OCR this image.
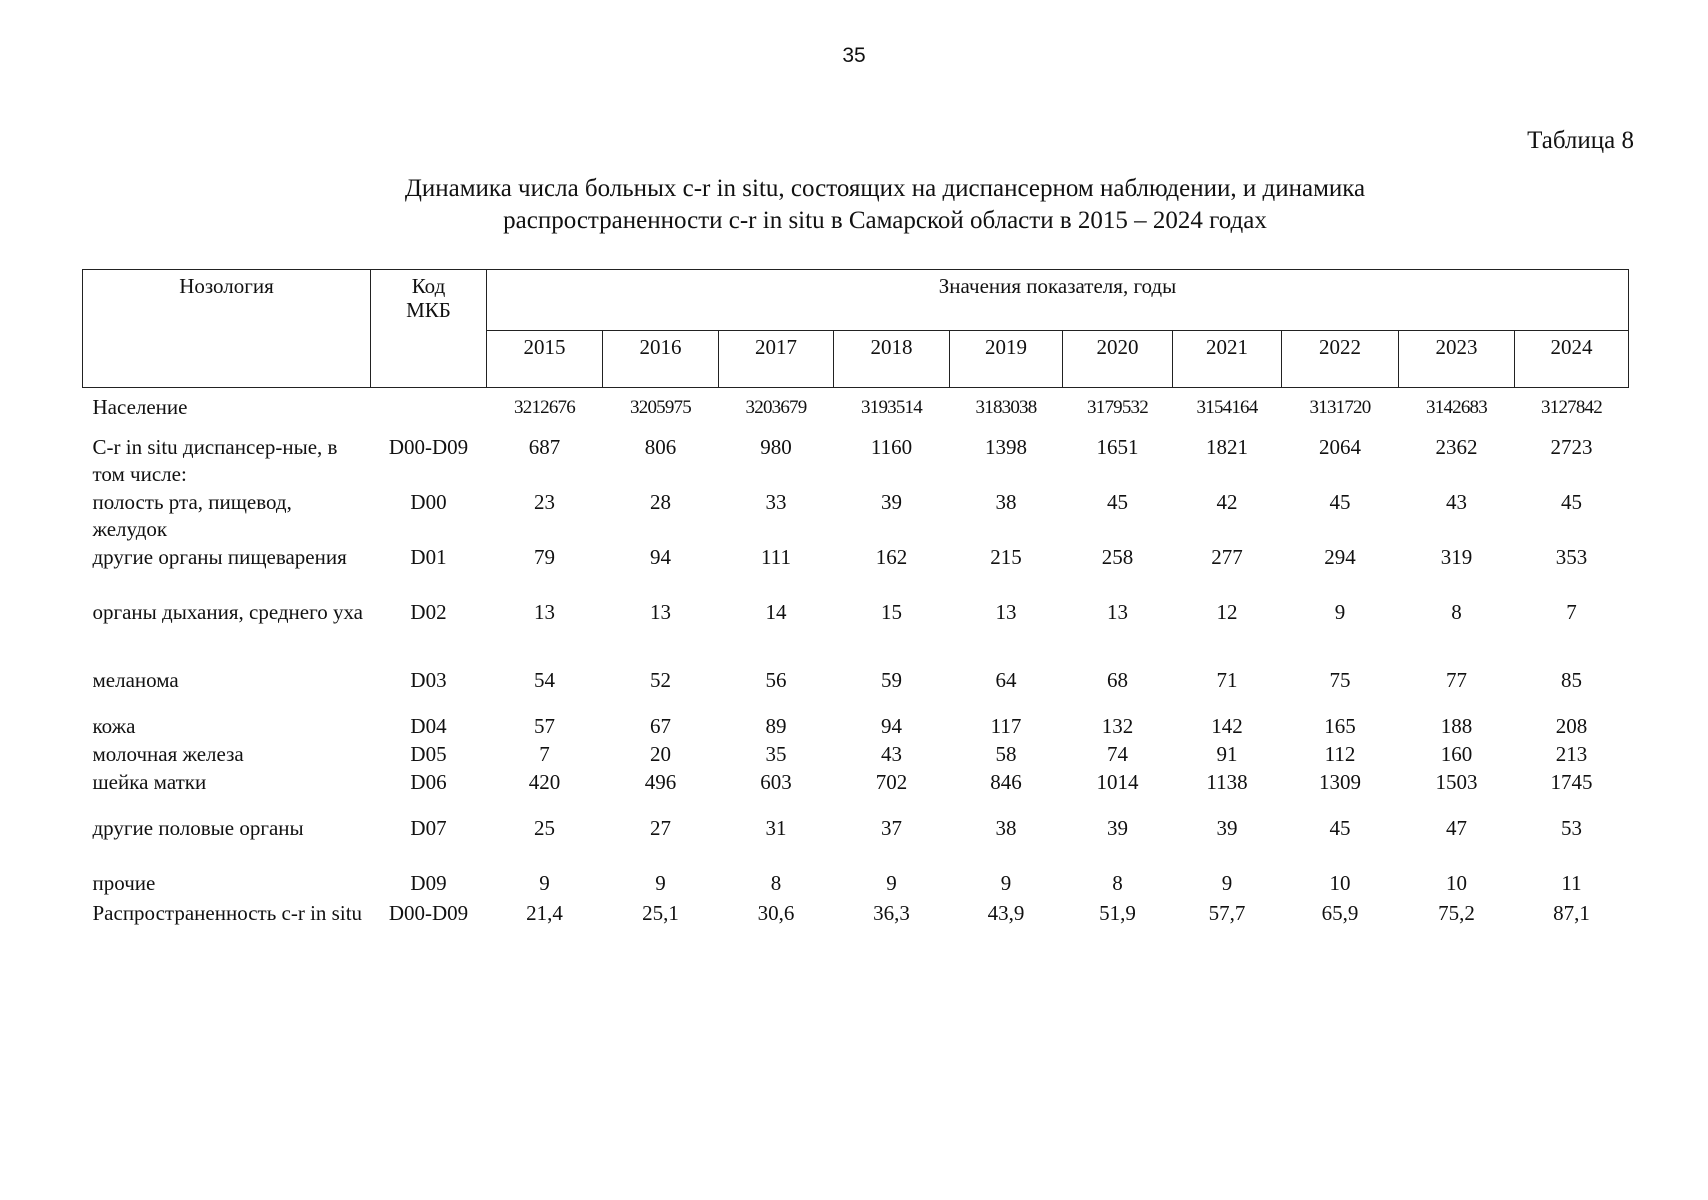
35
Таблица 8
Динамика числа больных c-r in situ, состоящих на диспансерном наблюдении, и динамика
распространенности c-r in situ в Самарской области в 2015 – 2024 годах
Нозология	Код МКБ	Значения показателя, годы									
		2015	2016	2017	2018	2019	2020	2021	2022	2023	2024
Население		3212676	3205975	3203679	3193514	3183038	3179532	3154164	3131720	3142683	3127842
C-r in situ диспансер-ные, в том числе:	D00-D09	687	806	980	1160	1398	1651	1821	2064	2362	2723
полость рта, пищевод, желудок	D00	23	28	33	39	38	45	42	45	43	45
другие органы пищеварения	D01	79	94	111	162	215	258	277	294	319	353
органы дыхания, среднего уха	D02	13	13	14	15	13	13	12	9	8	7
меланома	D03	54	52	56	59	64	68	71	75	77	85
кожа	D04	57	67	89	94	117	132	142	165	188	208
молочная железа	D05	7	20	35	43	58	74	91	112	160	213
шейка матки	D06	420	496	603	702	846	1014	1138	1309	1503	1745
другие половые органы	D07	25	27	31	37	38	39	39	45	47	53
прочие	D09	9	9	8	9	9	8	9	10	10	11
Распространенность c-r in situ	D00-D09	21,4	25,1	30,6	36,3	43,9	51,9	57,7	65,9	75,2	87,1
